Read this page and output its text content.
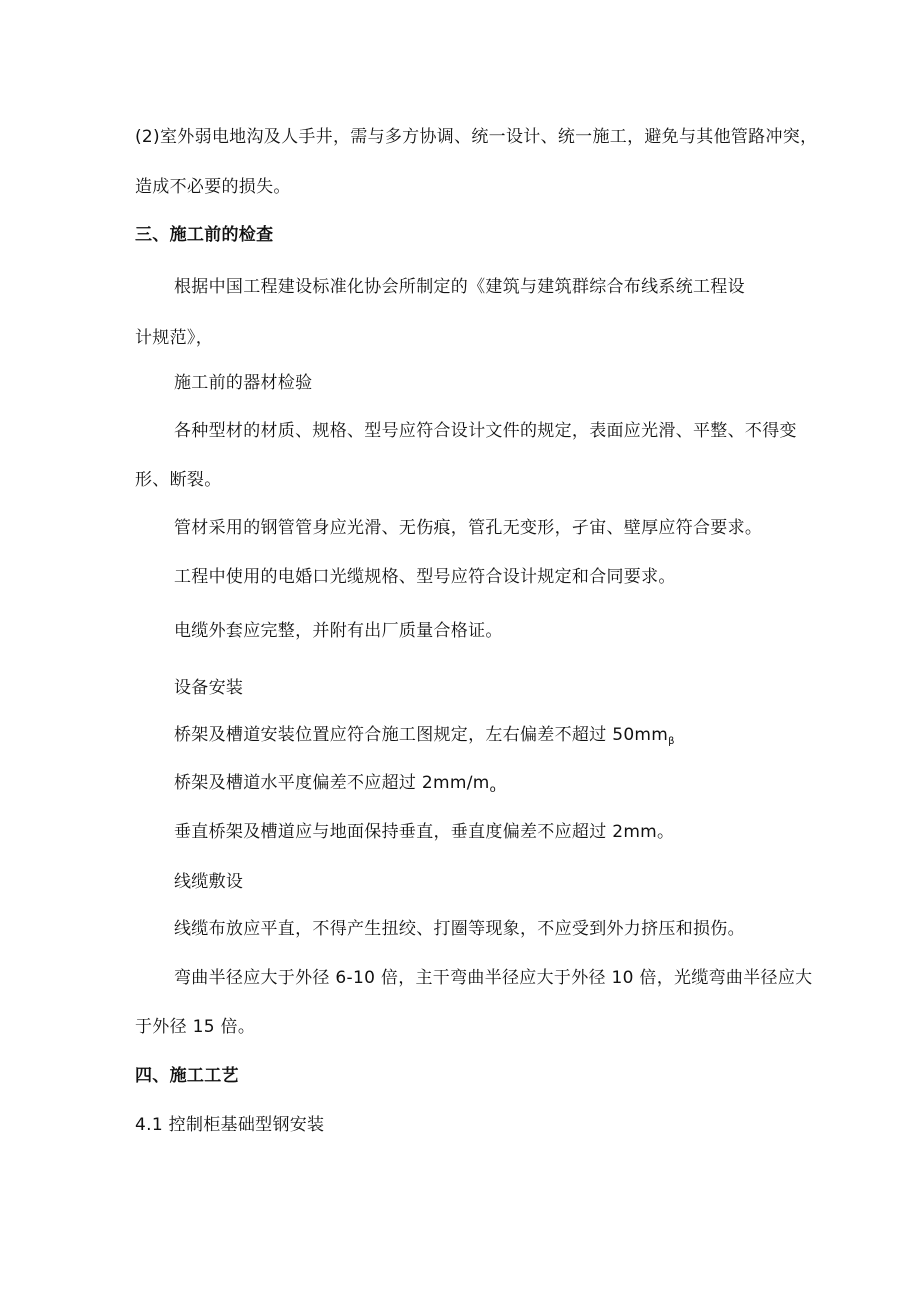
(2)室外弱电地沟及人手井，需与多方协调、统一设计、统一施工，避免与其他管路冲突，
造成不必要的损失。
三、施工前的检查
根据中国工程建设标准化协会所制定的《建筑与建筑群综合布线系统工程设
计规范》，
施工前的器材检验
各种型材的材质、规格、型号应符合设计文件的规定，表面应光滑、平整、不得变
形、断裂。
管材采用的钢管管身应光滑、无伤痕，管孔无变形，孑宙、壁厚应符合要求。
工程中使用的电婚口光缆规格、型号应符合设计规定和合同要求。
电缆外套应完整，并附有出厂质量合格证。
设备安装
桥架及槽道安装位置应符合施工图规定，左右偏差不超过 $50mm_\beta$
桥架及槽道水平度偏差不应超过 $2mm∕m_o$
垂直桥架及槽道应与地面保持垂直，垂直度偏差不应超过 2mm。
线缆敷设
线缆布放应平直，不得产生扭绞、打圈等现象，不应受到外力挤压和损伤。
弯曲半径应大于外径 6-10 倍，主干弯曲半径应大于外径 10 倍，光缆弯曲半径应大
于外径 15 倍。
四、施工工艺
4.1 控制柜基础型钢安装
